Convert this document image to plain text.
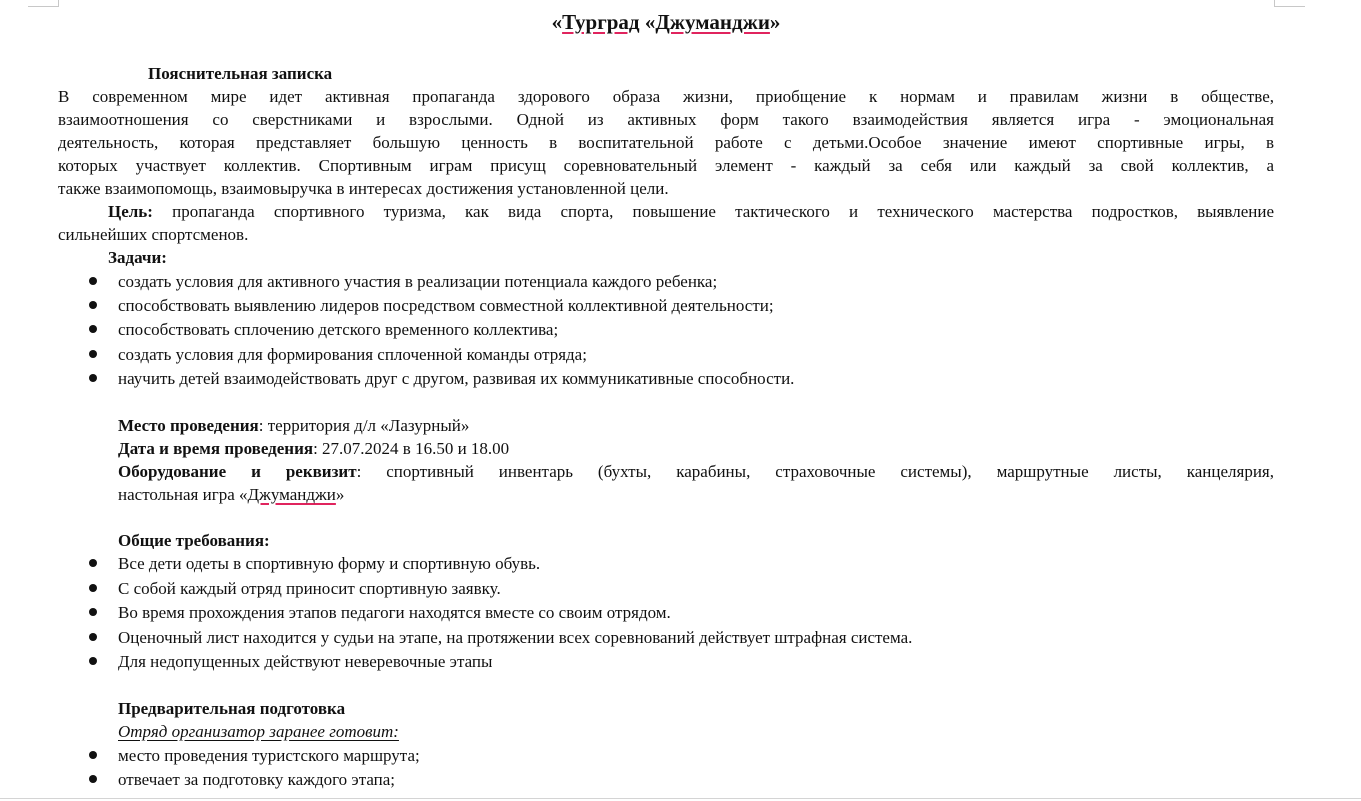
«Турград «Джуманджи»
Пояснительная записка
В современном мире идет активная пропаганда здорового образа жизни, приобщение к нормам и правилам жизни в обществе,
взаимоотношения со сверстниками и взрослыми. Одной из активных форм такого взаимодействия является игра - эмоциональная
деятельность, которая представляет большую ценность в воспитательной работе с детьми.Особое значение имеют спортивные игры, в
которых участвует коллектив. Спортивным играм присущ соревновательный элемент - каждый за себя или каждый за свой коллектив, а
также взаимопомощь, взаимовыручка в интересах достижения установленной цели.
Цель: пропаганда спортивного туризма, как вида спорта, повышение тактического и технического мастерства подростков, выявление
сильнейших спортсменов.
Задачи:
создать условия для активного участия в реализации потенциала каждого ребенка;
способствовать выявлению лидеров посредством совместной коллективной деятельности;
способствовать сплочению детского временного коллектива;
создать условия для формирования сплоченной команды отряда;
научить детей взаимодействовать друг с другом, развивая их коммуникативные способности.
Место проведения: территория д/л «Лазурный»
Дата и время проведения: 27.07.2024 в 16.50 и 18.00
Оборудование и реквизит: спортивный инвентарь (бухты, карабины, страховочные системы), маршрутные листы, канцелярия,
настольная игра «Джуманджи»
Общие требования:
Все дети одеты в спортивную форму и спортивную обувь.
С собой каждый отряд приносит спортивную заявку.
Во время прохождения этапов педагоги находятся вместе со своим отрядом.
Оценочный лист находится у судьи на этапе, на протяжении всех соревнований действует штрафная система.
Для недопущенных действуют неверевочные этапы
Предварительная подготовка
Отряд организатор заранее готовит:
место проведения туристского маршрута;
отвечает за подготовку каждого этапа;
